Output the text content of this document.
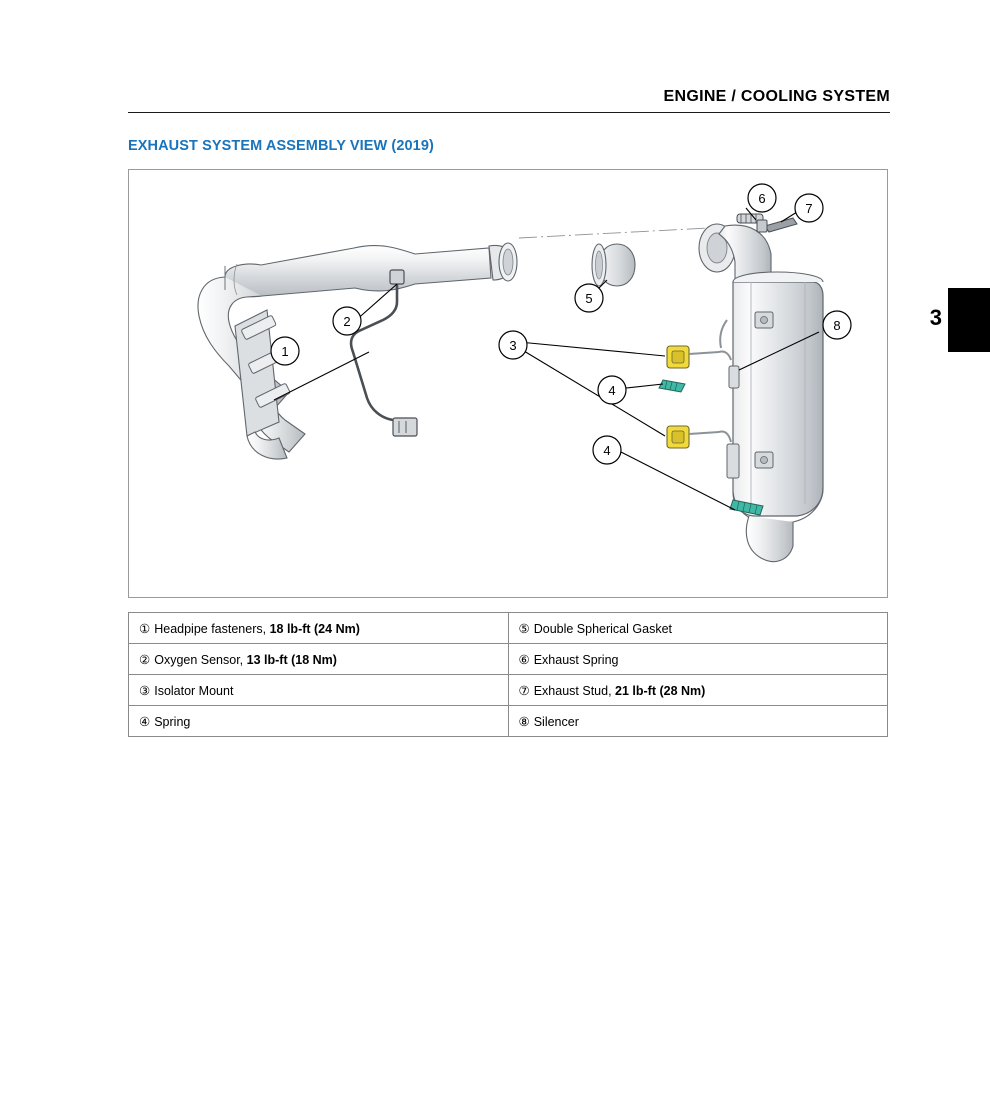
ENGINE / COOLING SYSTEM
EXHAUST SYSTEM ASSEMBLY VIEW (2019)
3
1
2
3
4
4
5
6
7
8
① Headpipe fasteners, 18 lb-ft (24 Nm)	⑤ Double Spherical Gasket
② Oxygen Sensor, 13 lb-ft (18 Nm)	⑥ Exhaust Spring
③ Isolator Mount	⑦ Exhaust Stud, 21 lb-ft (28 Nm)
④ Spring	⑧ Silencer
